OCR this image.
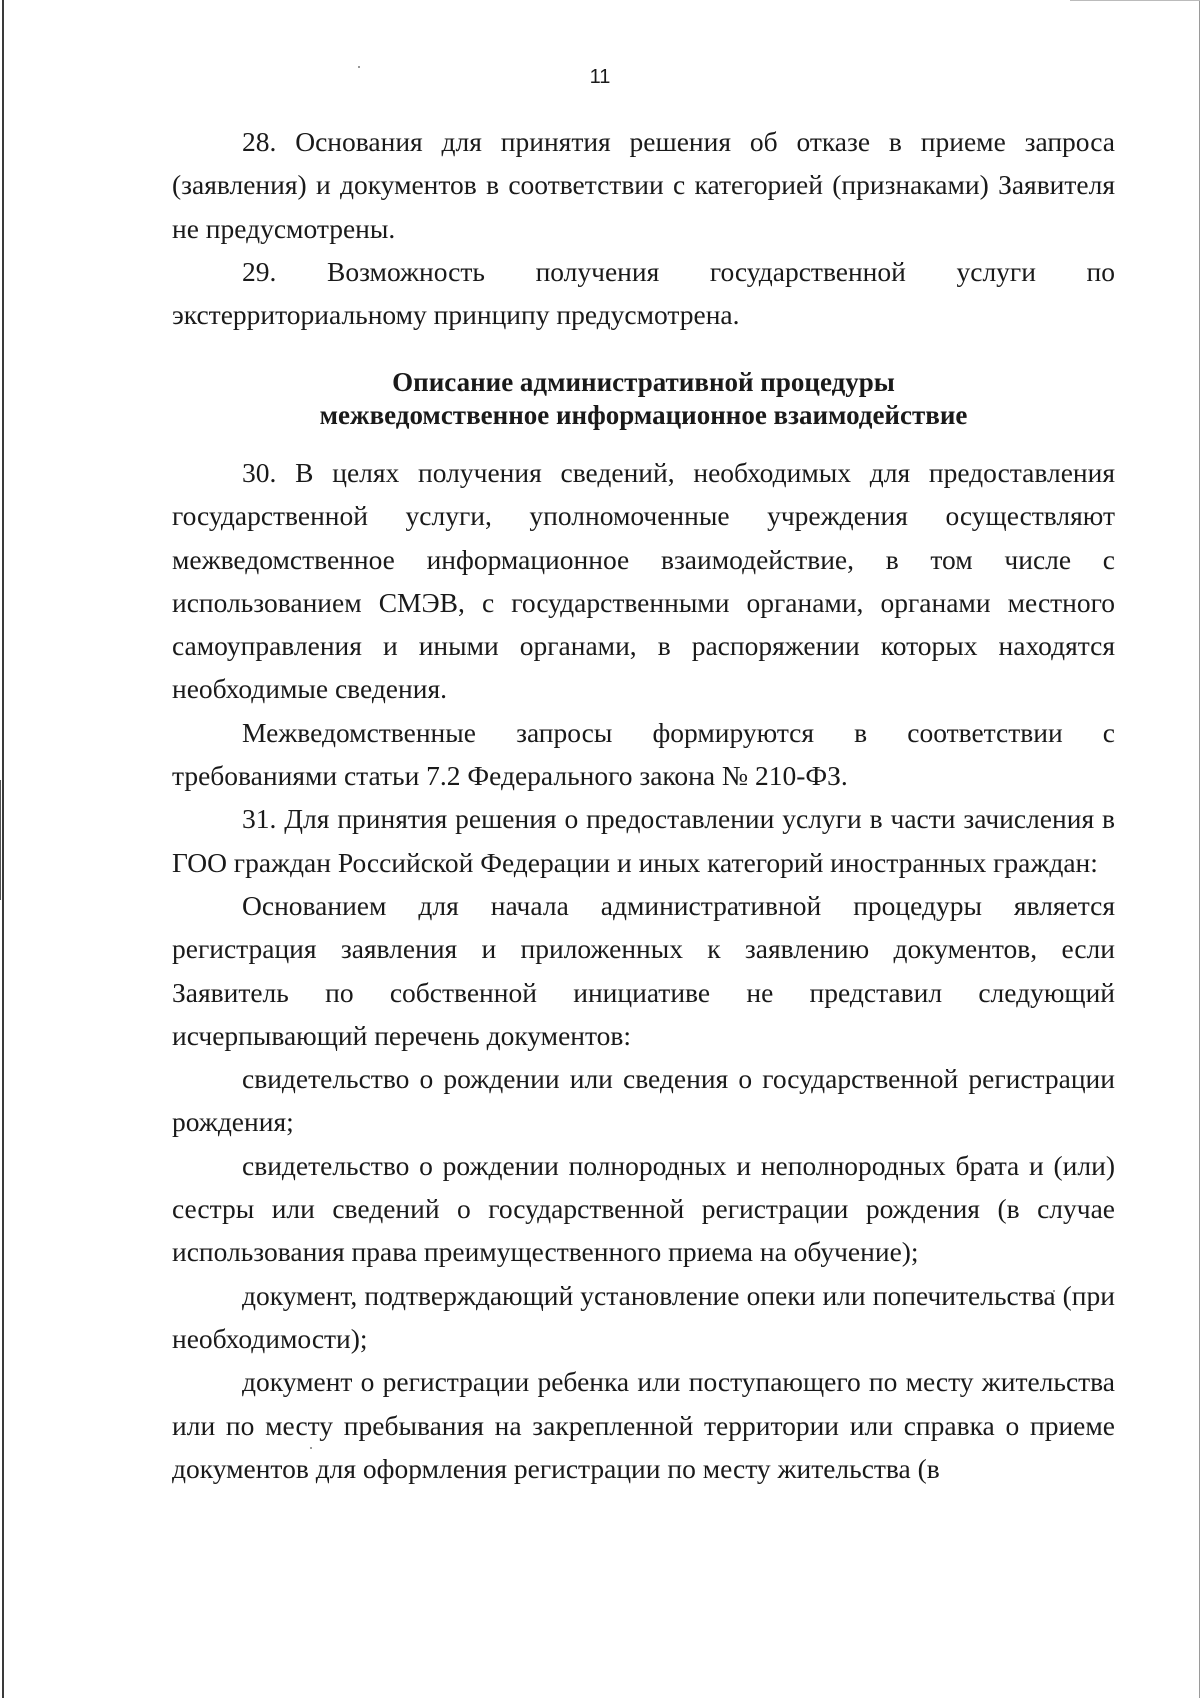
11

28. Основания для принятия решения об отказе в приеме запроса (заявления) и документов в соответствии с категорией (признаками) Заявителя не предусмотрены.

29. Возможность получения государственной услуги по экстерриториальному принципу предусмотрена.

Описание административной процедуры

межведомственное информационное взаимодействие

30. В целях получения сведений, необходимых для предоставления государственной услуги, уполномоченные учреждения осуществляют межведомственное информационное взаимодействие, в том числе с использованием СМЭВ, с государственными органами, органами местного самоуправления и иными органами, в распоряжении которых находятся необходимые сведения.

Межведомственные запросы формируются в соответствии с требованиями статьи 7.2 Федерального закона № 210-ФЗ.

31. Для принятия решения о предоставлении услуги в части зачисления в ГОО граждан Российской Федерации и иных категорий иностранных граждан:

Основанием для начала административной процедуры является регистрация заявления и приложенных к заявлению документов, если Заявитель по собственной инициативе не представил следующий исчерпывающий перечень документов:

свидетельство о рождении или сведения о государственной регистрации рождения;

свидетельство о рождении полнородных и неполнородных брата и (или) сестры или сведений о государственной регистрации рождения (в случае использования права преимущественного приема на обучение);

документ, подтверждающий установление опеки или попечительства (при необходимости);

документ о регистрации ребенка или поступающего по месту жительства или по месту пребывания на закрепленной территории или справка о приеме документов для оформления регистрации по месту жительства (в
